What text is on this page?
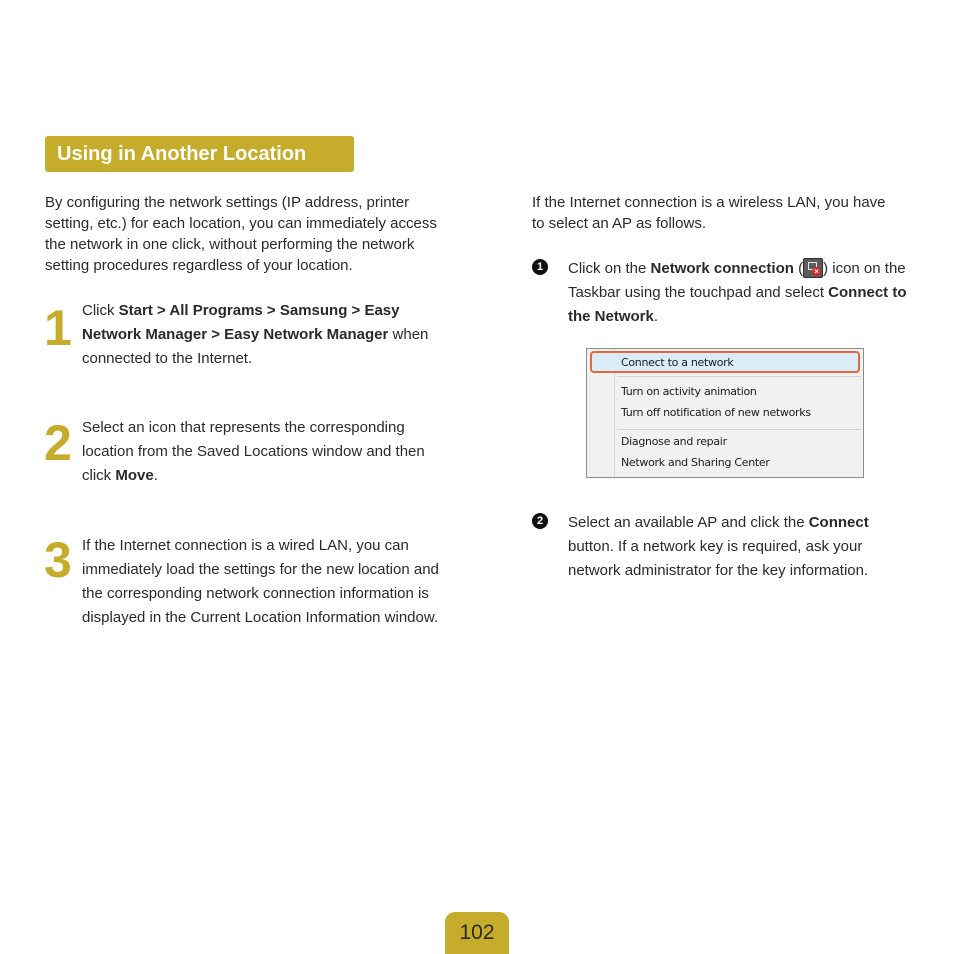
Using in Another Location

By configuring the network settings (IP address, printer setting, etc.) for each location, you can immediately access the network in one click, without performing the network setting procedures regardless of your location.

1 Click Start > All Programs > Samsung > Easy Network Manager > Easy Network Manager when connected to the Internet.

2 Select an icon that represents the corresponding location from the Saved Locations window and then click Move.

3 If the Internet connection is a wired LAN, you can immediately load the settings for the new location and the corresponding network connection information is displayed in the Current Location Information window.

If the Internet connection is a wireless LAN, you have to select an AP as follows.

1	Click on the Network connection ( × ) icon on the Taskbar using the touchpad and select Connect to the Network.

Connect to a network
Turn on activity animation
Turn off notification of new networks
Diagnose and repair
Network and Sharing Center
2	Select an available AP and click the Connect button. If a network key is required, ask your network administrator for the key information.

102
